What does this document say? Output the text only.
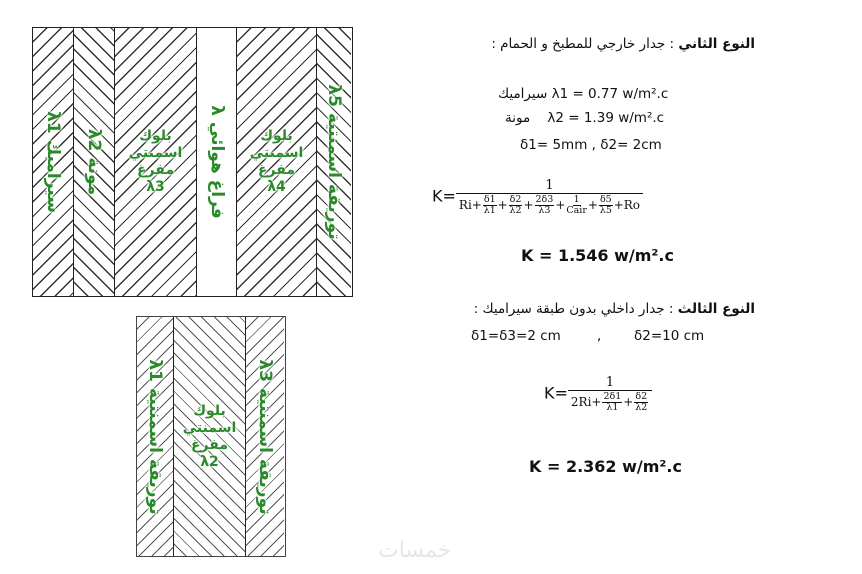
λ1 سيراميك λ2 مونة
بلوك
اسمنتي
مفرغ
λ3
λ فراغ هوائي	بلوك
اسمنتي
مفرغ
λ4
λ5 توريقة اسمنتية
λ1 توريقة اسمنتية	بلوك
اسمنتي
مفرغ
λ2
λ3 توريقة اسمنتية
النوع الثاني : جدار خارجي للمطبخ و الحمام :
سيراميك λ1 = 0.77 w/m².c
مونة λ2 = 1.39 w/m².c
δ1= 5mm , δ2= 2cm
K= 1
$Ri+ \frac{\delta 1}{\lambda 1} + \frac{\delta 2}{\lambda 2} + \frac{2\delta 3}{\lambda 3} + 1$
Cair + $\frac{\delta 5}{\lambda 5} +Ro$
K = 1.546 w/m².c
النوع الثالث : جدار داخلي بدون طبقة سيراميك :
δ1=δ3=2 cm	, δ2=10 cm
$K= \frac{1}{2Ri+ \frac{2\delta 1}{\lambda 1} + \frac{\delta 2}{\lambda 2}}$
K = 2.362 w/m².c
خمسات
